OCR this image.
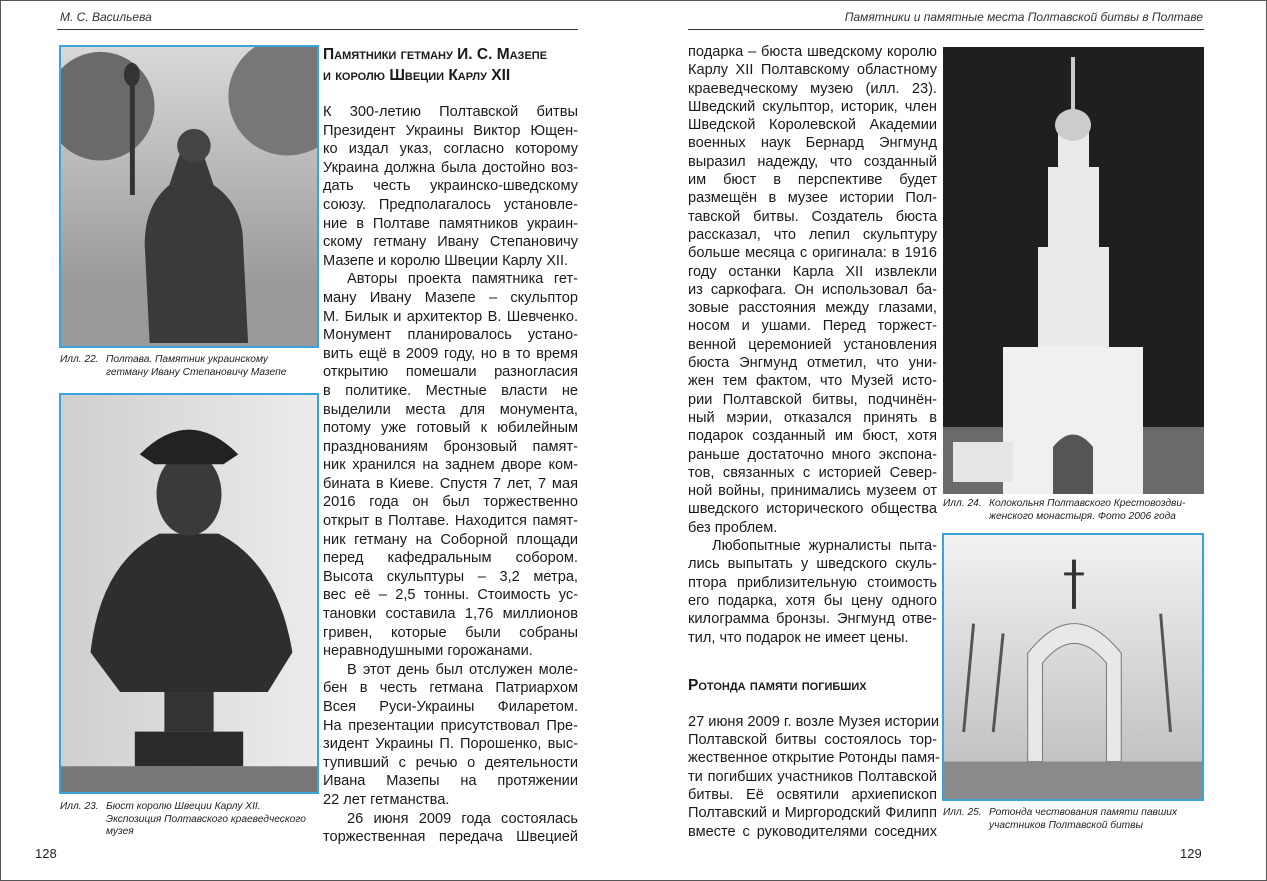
М. С. Васильева
Илл. 22. Полтава. Памятник украинскому
гетману Ивану Степановичу Мазепе
Илл. 23. Бюст королю Швеции Карлу XII.
Экспозиция Полтавского краеведческого
музея
Памятники гетману И. С. Мазепе
и королю Швеции Карлу XII
К 300-летию Полтавской битвы
Президент Украины Виктор Ющен-
ко издал указ, согласно которому
Украина должна была достойно воз-
дать честь украинско-шведскому
союзу. Предполагалось установле-
ние в Полтаве памятников украин-
скому гетману Ивану Степановичу
Мазепе и королю Швеции Карлу XII.
Авторы проекта памятника гет-
ману Ивану Мазепе – скульптор
М. Билык и архитектор В. Шевченко.
Монумент планировалось устано-
вить ещё в 2009 году, но в то время
открытию помешали разногласия
в политике. Местные власти не
выделили места для монумента,
потому уже готовый к юбилейным
празднованиям бронзовый памят-
ник хранился на заднем дворе ком-
бината в Киеве. Спустя 7 лет, 7 мая
2016 года он был торжественно
открыт в Полтаве. Находится памят-
ник гетману на Соборной площади
перед кафедральным собором.
Высота скульптуры – 3,2 метра,
вес её – 2,5 тонны. Стоимость ус-
тановки составила 1,76 миллионов
гривен, которые были собраны
неравнодушными горожанами.
В этот день был отслужен моле-
бен в честь гетмана Патриархом
Всея Руси-Украины Филаретом.
На презентации присутствовал Пре-
зидент Украины П. Порошенко, выс-
тупивший с речью о деятельности
Ивана Мазепы на протяжении
22 лет гетманства.
26 июня 2009 года состоялась
торжественная передача Швецией
128
Памятники и памятные места Полтавской битвы в Полтаве
подарка – бюста шведскому королю
Карлу XII Полтавскому областному
краеведческому музею (илл. 23).
Шведский скульптор, историк, член
Шведской Королевской Академии
военных наук Бернард Энгмунд
выразил надежду, что созданный
им бюст в перспективе будет
размещён в музее истории Пол-
тавской битвы. Создатель бюста
рассказал, что лепил скульптуру
больше месяца с оригинала: в 1916
году останки Карла XII извлекли
из саркофага. Он использовал ба-
зовые расстояния между глазами,
носом и ушами. Перед торжест-
венной церемонией установления
бюста Энгмунд отметил, что уни-
жен тем фактом, что Музей исто-
рии Полтавской битвы, подчинён-
ный мэрии, отказался принять в
подарок созданный им бюст, хотя
раньше достаточно много экспона-
тов, связанных с историей Север-
ной войны, принимались музеем от
шведского исторического общества
без проблем.
Любопытные журналисты пыта-
лись выпытать у шведского скуль-
птора приблизительную стоимость
его подарка, хотя бы цену одного
килограмма бронзы. Энгмунд отве-
тил, что подарок не имеет цены.
Ротонда памяти погибших
27 июня 2009 г. возле Музея истории
Полтавской битвы состоялось тор-
жественное открытие Ротонды памя-
ти погибших участников Полтавской
битвы. Её освятили архиепископ
Полтавский и Миргородский Филипп
вместе с руководителями соседних
Илл. 24. Колокольня Полтавского Крестовоздви-
женского монастыря. Фото 2006 года
Илл. 25. Ротонда чествования памяти павших
участников Полтавской битвы
129
